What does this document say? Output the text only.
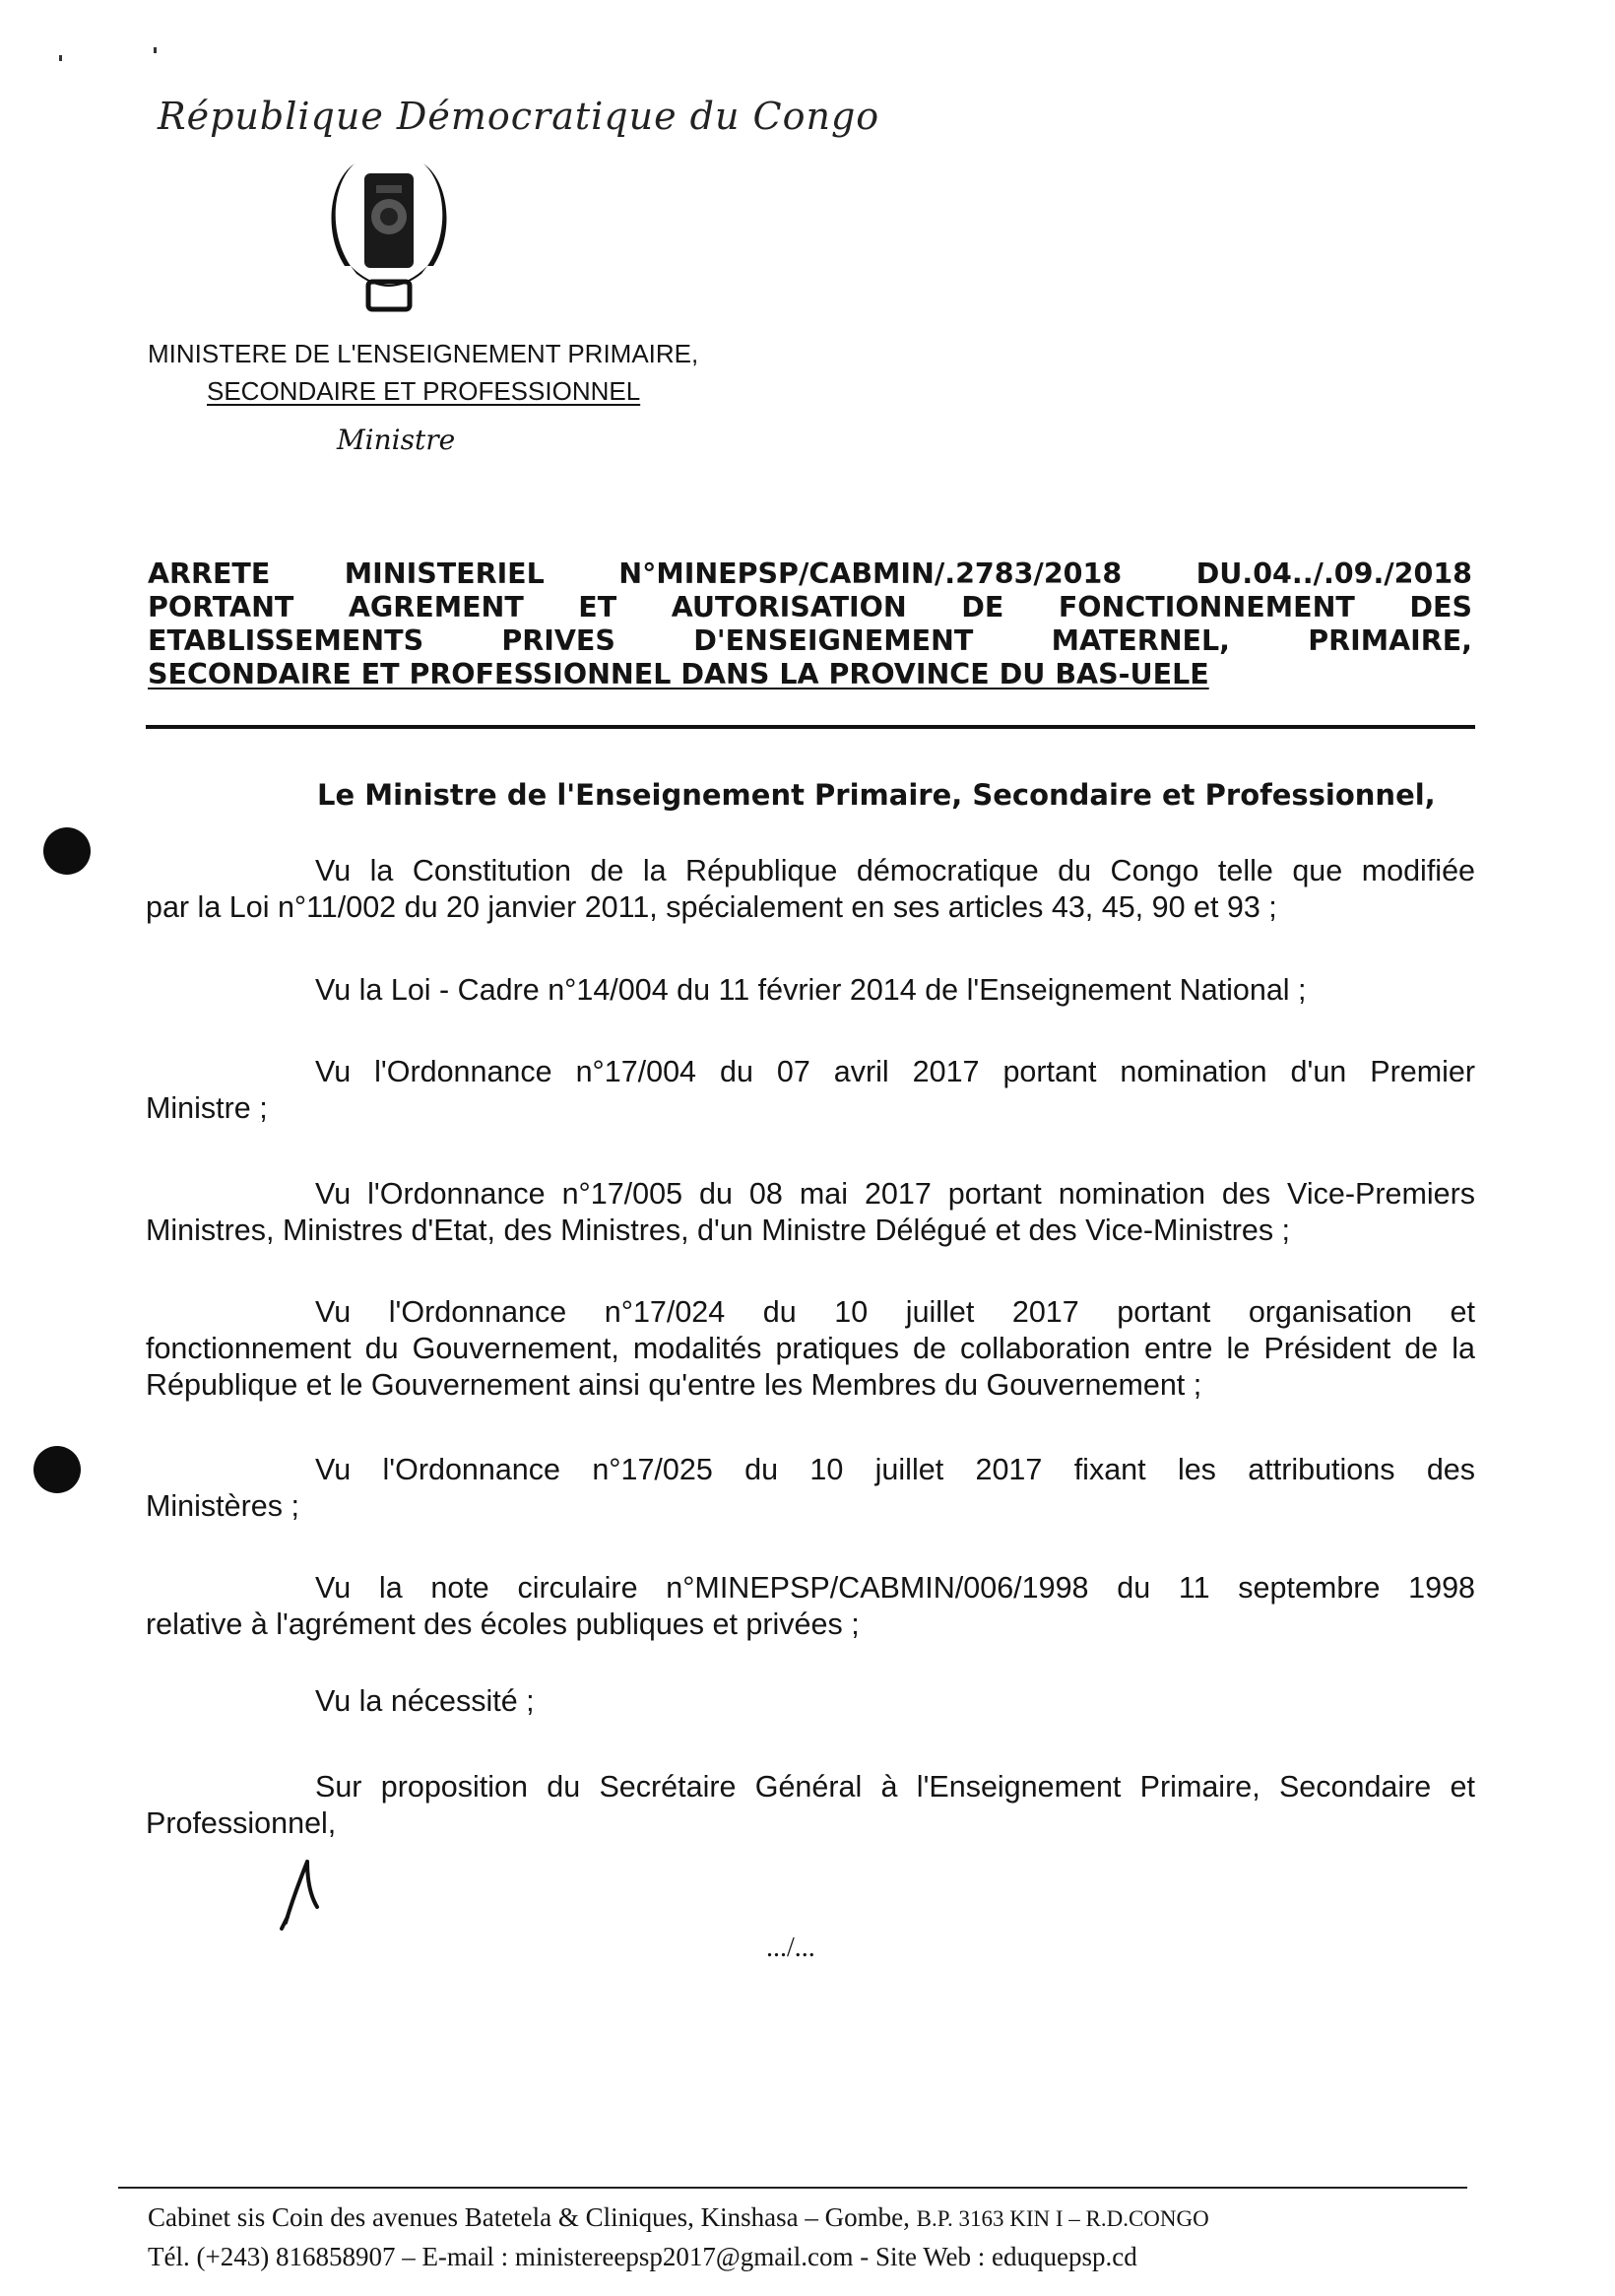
République Démocratique du Congo
MINISTERE DE L'ENSEIGNEMENT PRIMAIRE,
SECONDAIRE ET PROFESSIONNEL
Ministre
ARRETE MINISTERIEL N°MINEPSP/CABMIN/.2783/2018 DU.04../.09./2018
PORTANT AGREMENT ET AUTORISATION DE FONCTIONNEMENT DES
ETABLISSEMENTS PRIVES D'ENSEIGNEMENT MATERNEL, PRIMAIRE,
SECONDAIRE ET PROFESSIONNEL DANS LA PROVINCE DU BAS-UELE
Le Ministre de l'Enseignement Primaire, Secondaire et Professionnel,
Vu la Constitution de la République démocratique du Congo telle que modifiée
par la Loi n°11/002 du 20 janvier 2011, spécialement en ses articles 43, 45, 90 et 93 ;
Vu la Loi - Cadre n°14/004 du 11 février 2014 de l'Enseignement National ;
Vu l'Ordonnance n°17/004 du 07 avril 2017 portant nomination d'un Premier
Ministre ;
Vu l'Ordonnance n°17/005 du 08 mai 2017 portant nomination des Vice-Premiers
Ministres, Ministres d'Etat, des Ministres, d'un Ministre Délégué et des Vice-Ministres ;
Vu l'Ordonnance n°17/024 du 10 juillet 2017 portant organisation et
fonctionnement du Gouvernement, modalités pratiques de collaboration entre le Président de la République et le Gouvernement ainsi qu'entre les Membres du Gouvernement ;
Vu l'Ordonnance n°17/025 du 10 juillet 2017 fixant les attributions des
Ministères ;
Vu la note circulaire n°MINEPSP/CABMIN/006/1998 du 11 septembre 1998
relative à l'agrément des écoles publiques et privées ;
Vu la nécessité ;
Sur proposition du Secrétaire Général à l'Enseignement Primaire, Secondaire et
Professionnel,
.../...
Cabinet sis Coin des avenues Batetela & Cliniques, Kinshasa – Gombe, B.P. 3163 KIN I – R.D.CONGO
Tél. (+243) 816858907 – E-mail : ministereepsp2017@gmail.com - Site Web : eduquepsp.cd
